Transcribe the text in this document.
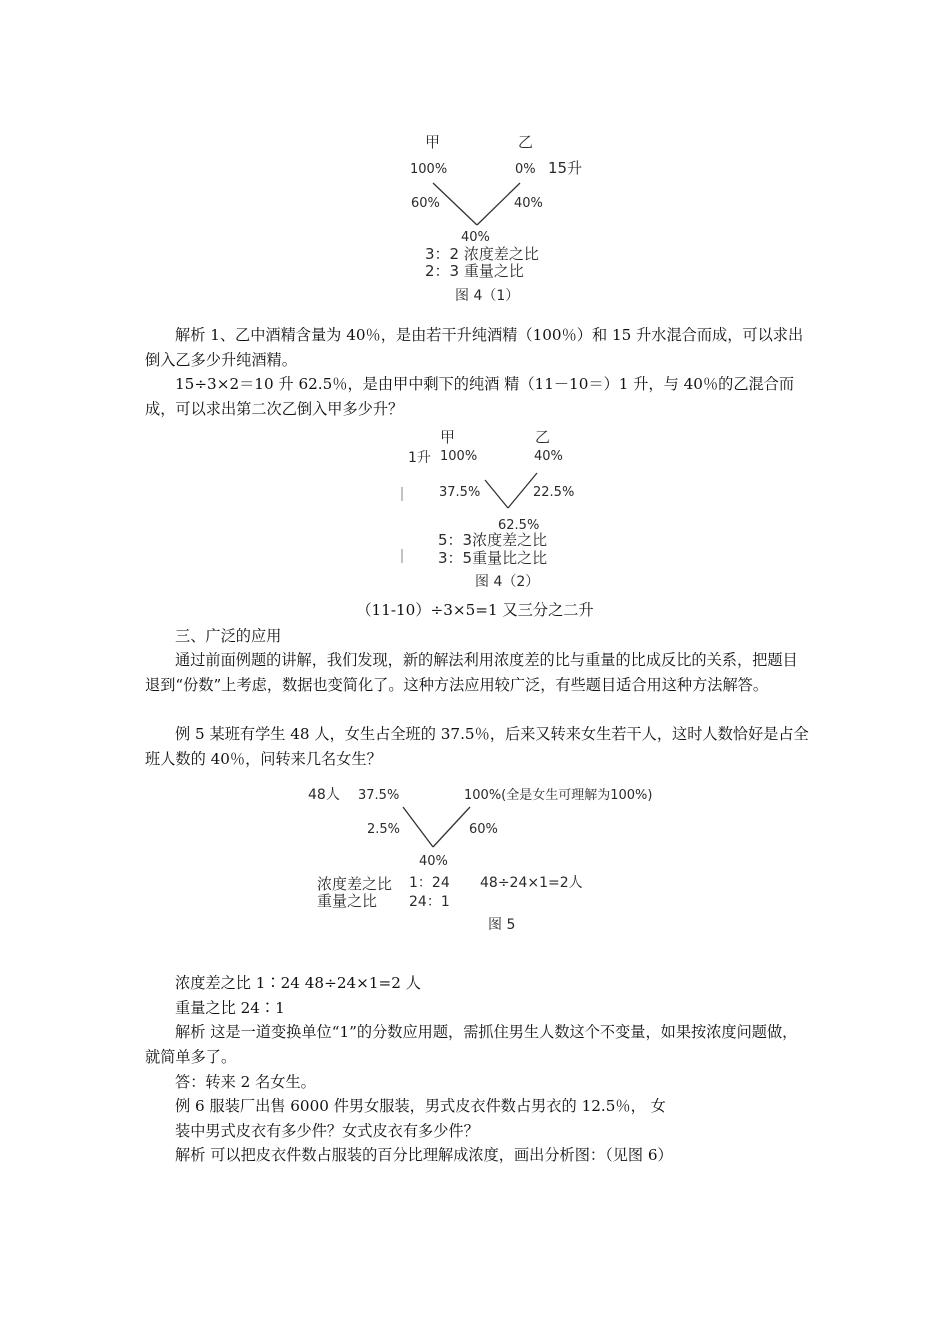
甲	乙
100%	0% 15升
60%	40%
40%
3：2 浓度差之比
2：3 重量之比
图 4（1）

解析 1、乙中酒精含量为 40％，是由若干升纯酒精（100％）和 15 升水混合而成，可以求出倒入乙多少升纯酒精。

15÷3×2＝10 升 62.5％，是由甲中剩下的纯酒 精（11－10＝）1 升，与 40％的乙混合而成，可以求出第二次乙倒入甲多少升？

甲	乙
1升 100%	40%
37.5%	22.5%
62.5%
5：3浓度差之比
3：5重量比之比
图 4（2）
（11-10）÷3×5=1 又三分之二升

三、广泛的应用

通过前面例题的讲解，我们发现，新的解法利用浓度差的比与重量的比成反比的关系，把题目退到“份数”上考虑，数据也变简化了。这种方法应用较广泛，有些题目适合用这种方法解答。

例 5 某班有学生 48 人，女生占全班的 37.5％，后来又转来女生若干人，这时人数恰好是占全班人数的 40％，问转来几名女生？

48人 37.5%	100%(全是女生可理解为100%)
2.5%	60%
40%
浓度差之比 1：24 48÷24×1=2人
重量之比 24：1
图 5

浓度差之比 1∶24 48÷24×1=2 人

重量之比 24∶1

解析 这是一道变换单位“1”的分数应用题，需抓住男生人数这个不变量，如果按浓度问题做，就简单多了。

答：转来 2 名女生。

例 6 服装厂出售 6000 件男女服装，男式皮衣件数占男衣的 12.5％， 女

装中男式皮衣有多少件？女式皮衣有多少件？

解析 可以把皮衣件数占服装的百分比理解成浓度，画出分析图：（见图 6）
